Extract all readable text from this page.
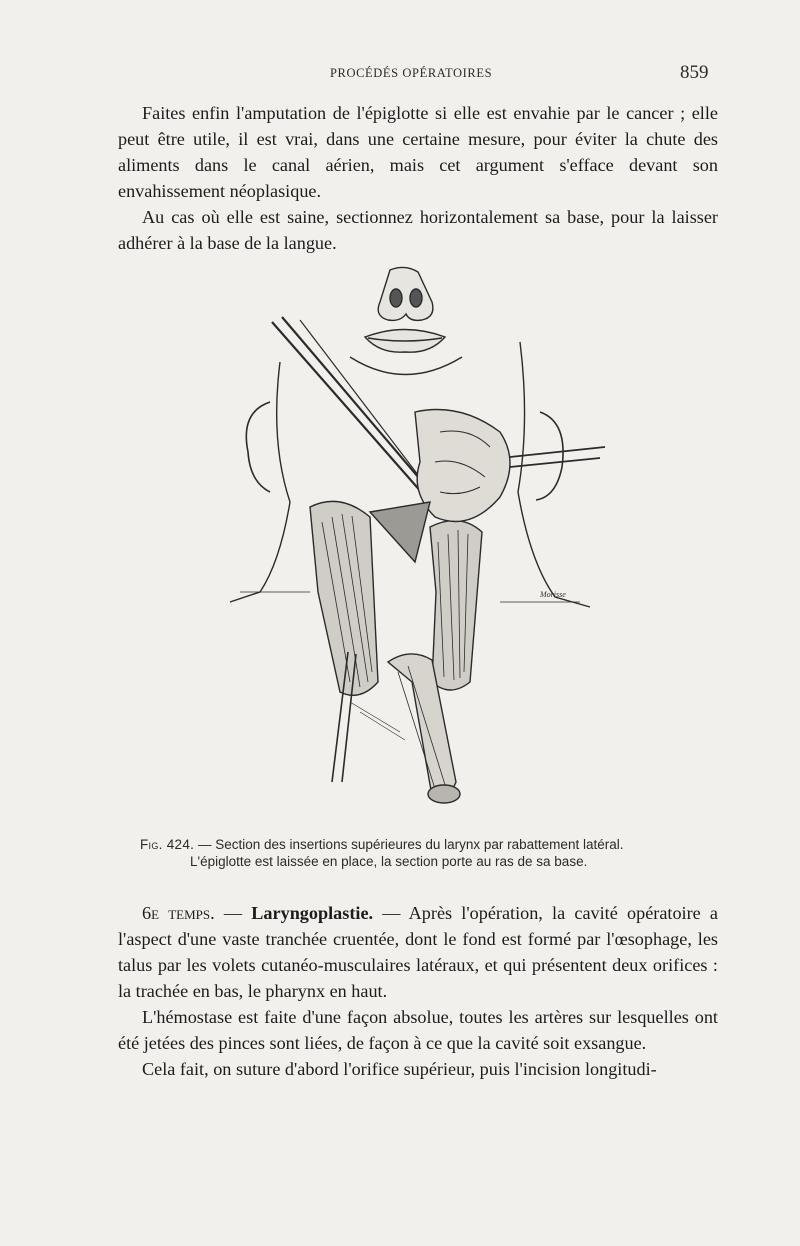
PROCÉDÉS OPÉRATOIRES	859

Faites enfin l'amputation de l'épiglotte si elle est envahie par le cancer ; elle peut être utile, il est vrai, dans une certaine mesure, pour éviter la chute des aliments dans le canal aérien, mais cet argument s'efface devant son envahissement néoplasique.

Au cas où elle est saine, sectionnez horizontalement sa base, pour la laisser adhérer à la base de la langue.

Morisse
Fig. 424. — Section des insertions supérieures du larynx par rabattement latéral.
L'épiglotte est laissée en place, la section porte au ras de sa base.

6e temps. — Laryngoplastie. — Après l'opération, la cavité opératoire a l'aspect d'une vaste tranchée cruentée, dont le fond est formé par l'œsophage, les talus par les volets cutanéo-musculaires latéraux, et qui présentent deux orifices : la trachée en bas, le pharynx en haut.

L'hémostase est faite d'une façon absolue, toutes les artères sur lesquelles ont été jetées des pinces sont liées, de façon à ce que la cavité soit exsangue.

Cela fait, on suture d'abord l'orifice supérieur, puis l'incision longitudi-
